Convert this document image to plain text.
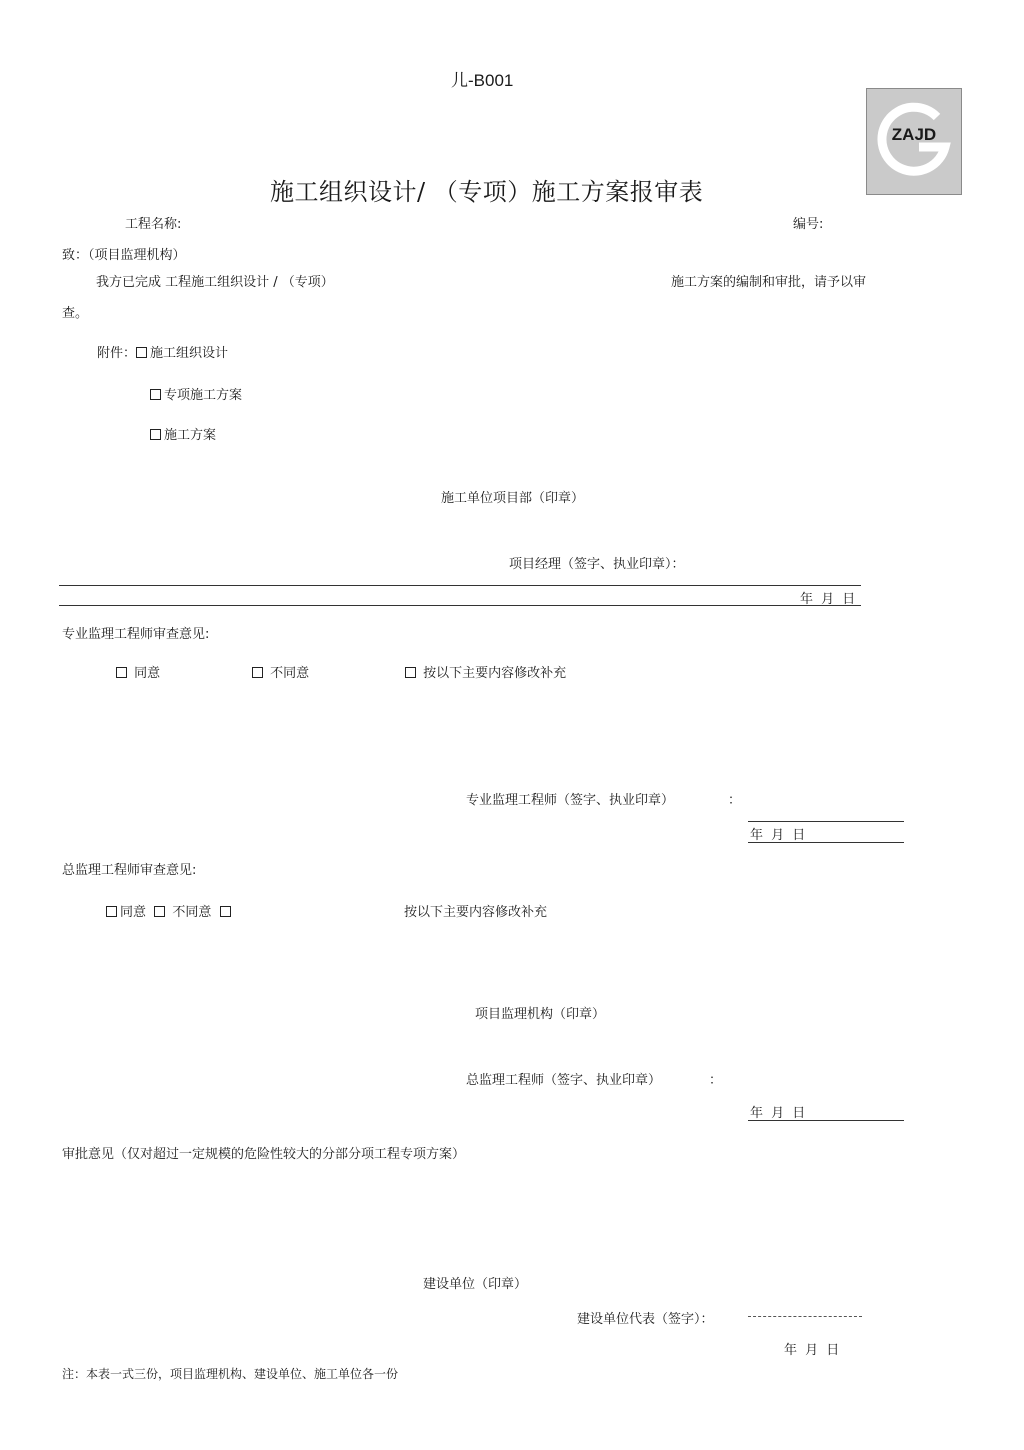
儿-B001
ZAJD
施工组织设计/ （专项）施工方案报审表
工程名称:	编号:
致：（项目监理机构）
我方已完成 工程施工组织设计 / （专项）	施工方案的编制和审批，请予以审
查。
附件： 施工组织设计
专项施工方案
施工方案
施工单位项目部（印章）
项目经理（签字、执业印章）：
年 月 日
专业监理工程师审查意见:
同意	不同意	按以下主要内容修改补充
专业监理工程师（签字、执业印章）	：
年 月 日
总监理工程师审查意见:
同意 不同意	按以下主要内容修改补充
项目监理机构（印章）
总监理工程师（签字、执业印章）	：
年 月 日
审批意见（仅对超过一定规模的危险性较大的分部分项工程专项方案）
建设单位（印章）
建设单位代表（签字）：
年 月 日
注：本表一式三份，项目监理机构、建设单位、施工单位各一份
